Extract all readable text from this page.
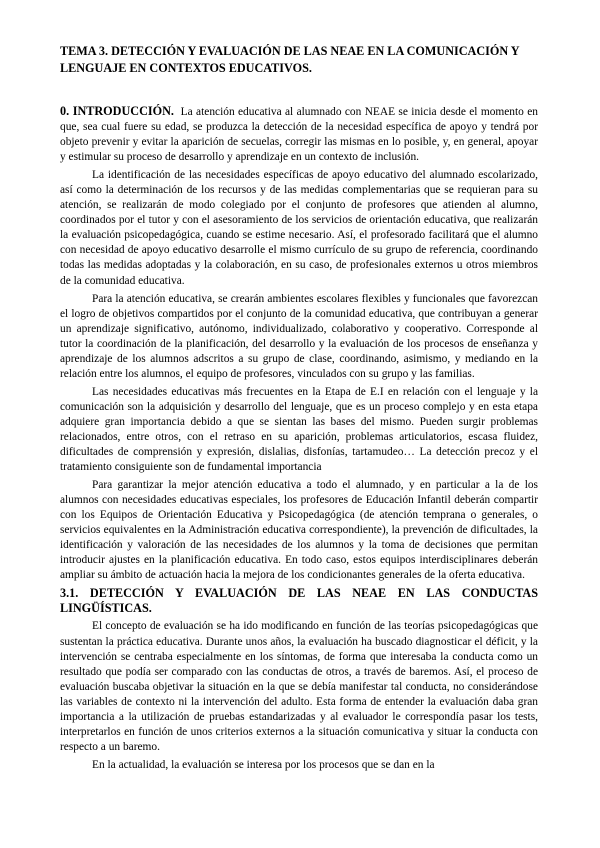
TEMA 3. DETECCIÓN Y EVALUACIÓN DE LAS NEAE EN LA COMUNICACIÓN Y LENGUAJE EN CONTEXTOS EDUCATIVOS.

0. INTRODUCCIÓN. La atención educativa al alumnado con NEAE se inicia desde el momento en que, sea cual fuere su edad, se produzca la detección de la necesidad específica de apoyo y tendrá por objeto prevenir y evitar la aparición de secuelas, corregir las mismas en lo posible, y, en general, apoyar y estimular su proceso de desarrollo y aprendizaje en un contexto de inclusión.

La identificación de las necesidades específicas de apoyo educativo del alumnado escolarizado, así como la determinación de los recursos y de las medidas complementarias que se requieran para su atención, se realizarán de modo colegiado por el conjunto de profesores que atienden al alumno, coordinados por el tutor y con el asesoramiento de los servicios de orientación educativa, que realizarán la evaluación psicopedagógica, cuando se estime necesario. Así, el profesorado facilitará que el alumno con necesidad de apoyo educativo desarrolle el mismo currículo de su grupo de referencia, coordinando todas las medidas adoptadas y la colaboración, en su caso, de profesionales externos u otros miembros de la comunidad educativa.

Para la atención educativa, se crearán ambientes escolares flexibles y funcionales que favorezcan el logro de objetivos compartidos por el conjunto de la comunidad educativa, que contribuyan a generar un aprendizaje significativo, autónomo, individualizado, colaborativo y cooperativo. Corresponde al tutor la coordinación de la planificación, del desarrollo y la evaluación de los procesos de enseñanza y aprendizaje de los alumnos adscritos a su grupo de clase, coordinando, asimismo, y mediando en la relación entre los alumnos, el equipo de profesores, vinculados con su grupo y las familias.

Las necesidades educativas más frecuentes en la Etapa de E.I en relación con el lenguaje y la comunicación son la adquisición y desarrollo del lenguaje, que es un proceso complejo y en esta etapa adquiere gran importancia debido a que se sientan las bases del mismo. Pueden surgir problemas relacionados, entre otros, con el retraso en su aparición, problemas articulatorios, escasa fluidez, dificultades de comprensión y expresión, dislalias, disfonías, tartamudeo… La detección precoz y el tratamiento consiguiente son de fundamental importancia

Para garantizar la mejor atención educativa a todo el alumnado, y en particular a la de los alumnos con necesidades educativas especiales, los profesores de Educación Infantil deberán compartir con los Equipos de Orientación Educativa y Psicopedagógica (de atención temprana o generales, o servicios equivalentes en la Administración educativa correspondiente), la prevención de dificultades, la identificación y valoración de las necesidades de los alumnos y la toma de decisiones que permitan introducir ajustes en la planificación educativa. En todo caso, estos equipos interdisciplinares deberán ampliar su ámbito de actuación hacia la mejora de los condicionantes generales de la oferta educativa.

3.1. DETECCIÓN Y EVALUACIÓN DE LAS NEAE EN LAS CONDUCTAS LINGÜÍSTICAS.

El concepto de evaluación se ha ido modificando en función de las teorías psicopedagógicas que sustentan la práctica educativa. Durante unos años, la evaluación ha buscado diagnosticar el déficit, y la intervención se centraba especialmente en los síntomas, de forma que interesaba la conducta como un resultado que podía ser comparado con las conductas de otros, a través de baremos. Así, el proceso de evaluación buscaba objetivar la situación en la que se debía manifestar tal conducta, no considerándose las variables de contexto ni la intervención del adulto. Esta forma de entender la evaluación daba gran importancia a la utilización de pruebas estandarizadas y al evaluador le correspondía pasar los tests, interpretarlos en función de unos criterios externos a la situación comunicativa y situar la conducta con respecto a un baremo.

En la actualidad, la evaluación se interesa por los procesos que se dan en la
